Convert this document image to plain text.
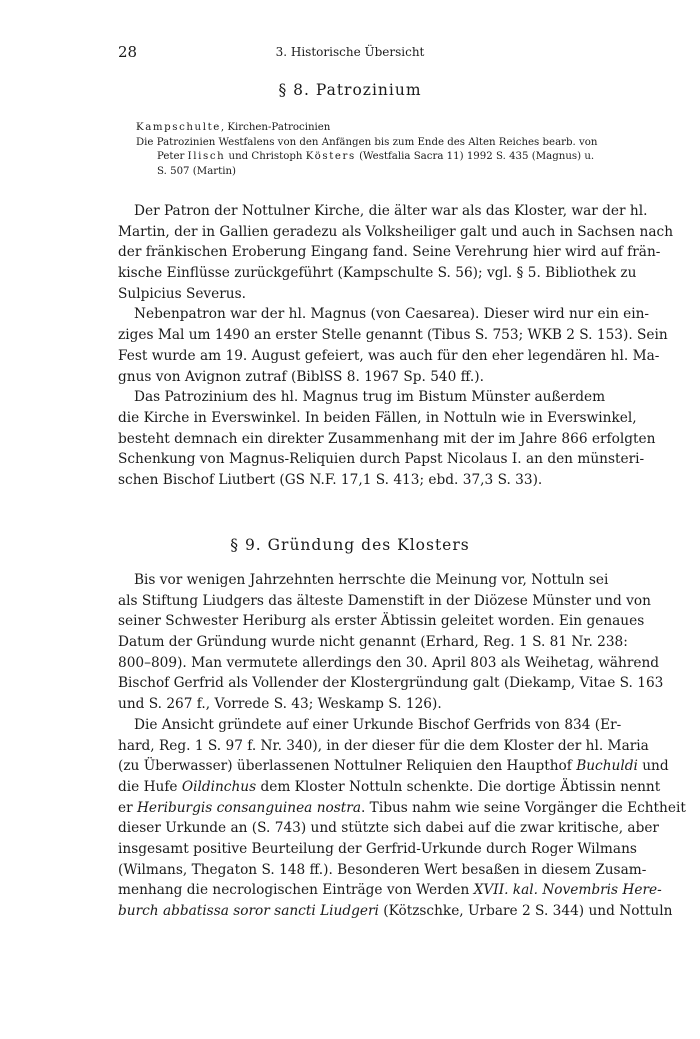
28	3. Historische Übersicht
§ 8. Patrozinium

Kampschulte, Kirchen-Patrocinien

Die Patrozinien Westfalens von den Anfängen bis zum Ende des Alten Reiches bearb. von Peter Ilisch und Christoph Kösters (Westfalia Sacra 11) 1992 S. 435 (Magnus) u. S. 507 (Martin)

Der Patron der Nottulner Kirche, die älter war als das Kloster, war der hl.
Martin, der in Gallien geradezu als Volksheiliger galt und auch in Sachsen nach
der fränkischen Eroberung Eingang fand. Seine Verehrung hier wird auf frän-
kische Einflüsse zurückgeführt (Kampschulte S. 56); vgl. § 5. Bibliothek zu
Sulpicius Severus.
Nebenpatron war der hl. Magnus (von Caesarea). Dieser wird nur ein ein-
ziges Mal um 1490 an erster Stelle genannt (Tibus S. 753; WKB 2 S. 153). Sein
Fest wurde am 19. August gefeiert, was auch für den eher legendären hl. Ma-
gnus von Avignon zutraf (BiblSS 8. 1967 Sp. 540 ff.).
Das Patrozinium des hl. Magnus trug im Bistum Münster außerdem
die Kirche in Everswinkel. In beiden Fällen, in Nottuln wie in Everswinkel,
besteht demnach ein direkter Zusammenhang mit der im Jahre 866 erfolgten
Schenkung von Magnus-Reliquien durch Papst Nicolaus I. an den münsteri-
schen Bischof Liutbert (GS N.F. 17,1 S. 413; ebd. 37,3 S. 33).
§ 9. Gründung des Klosters
Bis vor wenigen Jahrzehnten herrschte die Meinung vor, Nottuln sei
als Stiftung Liudgers das älteste Damenstift in der Diözese Münster und von
seiner Schwester Heriburg als erster Äbtissin geleitet worden. Ein genaues
Datum der Gründung wurde nicht genannt (Erhard, Reg. 1 S. 81 Nr. 238:
800–809). Man vermutete allerdings den 30. April 803 als Weihetag, während
Bischof Gerfrid als Vollender der Klostergründung galt (Diekamp, Vitae S. 163
und S. 267 f., Vorrede S. 43; Weskamp S. 126).
Die Ansicht gründete auf einer Urkunde Bischof Gerfrids von 834 (Er-
hard, Reg. 1 S. 97 f. Nr. 340), in der dieser für die dem Kloster der hl. Maria
(zu Überwasser) überlassenen Nottulner Reliquien den Haupthof Buchuldi und
die Hufe Oildinchus dem Kloster Nottuln schenkte. Die dortige Äbtissin nennt
er Heriburgis consanguinea nostra. Tibus nahm wie seine Vorgänger die Echtheit
dieser Urkunde an (S. 743) und stützte sich dabei auf die zwar kritische, aber
insgesamt positive Beurteilung der Gerfrid-Urkunde durch Roger Wilmans
(Wilmans, Thegaton S. 148 ff.). Besonderen Wert besaßen in diesem Zusam-
menhang die necrologischen Einträge von Werden XVII. kal. Novembris Here-
burch abbatissa soror sancti Liudgeri (Kötzschke, Urbare 2 S. 344) und Nottuln
